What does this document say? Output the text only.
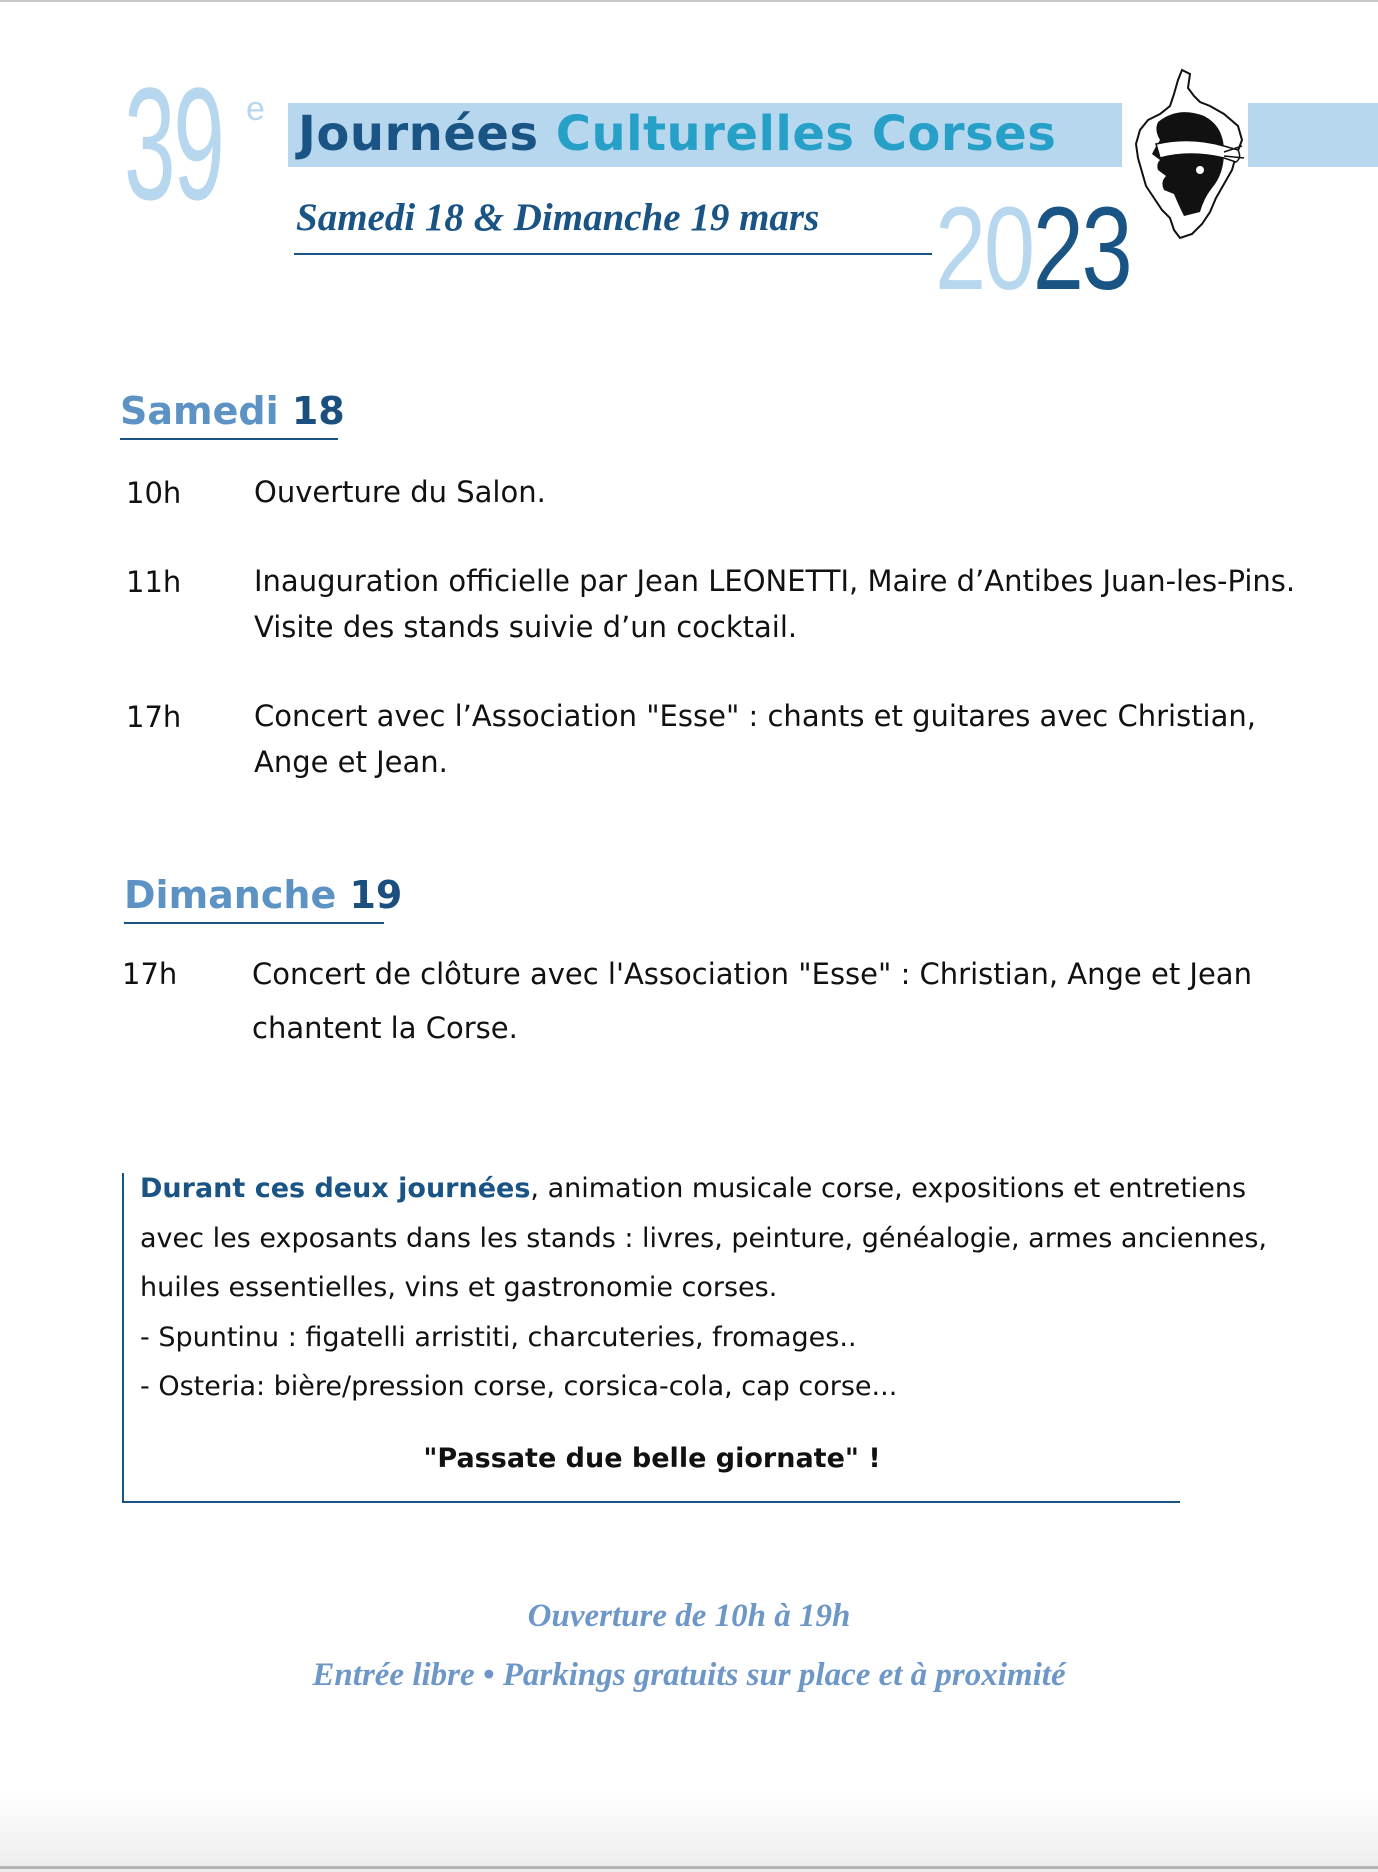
39 e Journées Culturelles Corses
Samedi 18 & Dimanche 19 mars 2023
Samedi 18
10h	Ouverture du Salon.
11h	Inauguration officielle par Jean LEONETTI, Maire d’Antibes Juan-les-Pins.
Visite des stands suivie d’un cocktail.
17h	Concert avec l’Association "Esse" : chants et guitares avec Christian,
Ange et Jean.
Dimanche 19
17h	Concert de clôture avec l'Association "Esse" : Christian, Ange et Jean
chantent la Corse.
Durant ces deux journées, animation musicale corse, expositions et entretiens
avec les exposants dans les stands : livres, peinture, généalogie, armes anciennes,
huiles essentielles, vins et gastronomie corses.
- Spuntinu : figatelli arristiti, charcuteries, fromages..
- Osteria: bière/pression corse, corsica-cola, cap corse...
"Passate due belle giornate" !
Ouverture de 10h à 19h
Entrée libre • Parkings gratuits sur place et à proximité
